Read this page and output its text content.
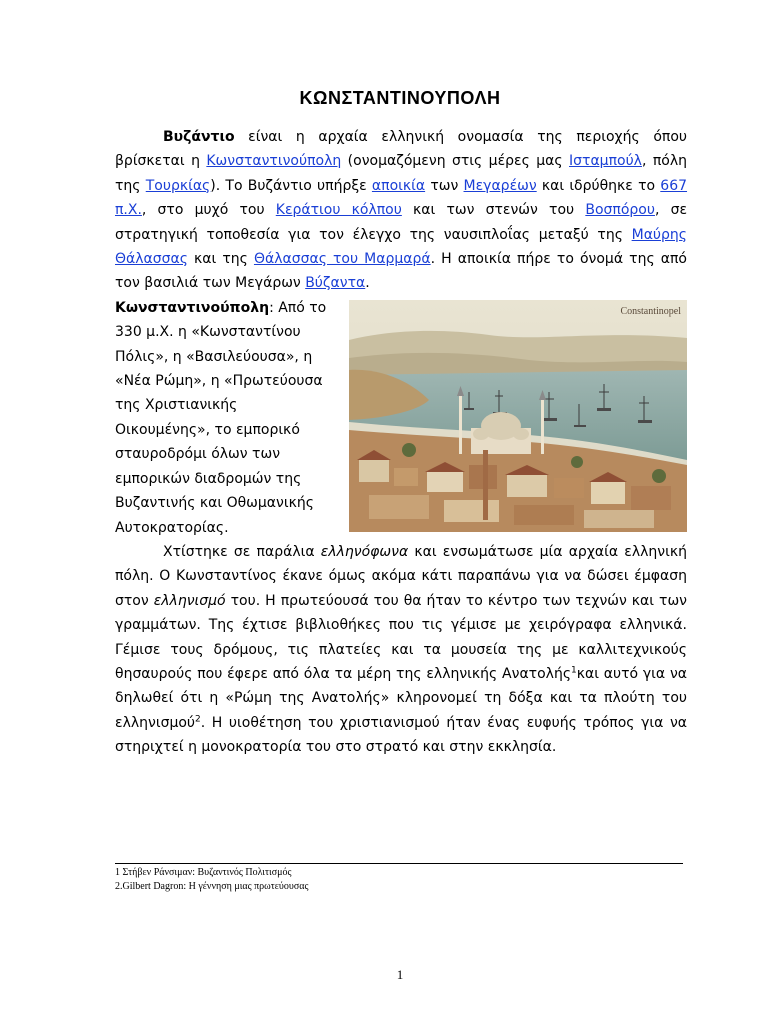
ΚΩΝΣΤΑΝΤΙΝΟΥΠΟΛΗ

Βυζάντιο είναι η αρχαία ελληνική ονομασία της περιοχής όπου βρίσκεται η Κωνσταντινούπολη (ονομαζόμενη στις μέρες μας Ισταμπούλ, πόλη της Τουρκίας). Το Βυζάντιο υπήρξε αποικία των Μεγαρέων και ιδρύθηκε το 667 π.Χ., στο μυχό του Κεράτιου κόλπου και των στενών του Βοσπόρου, σε στρατηγική τοποθεσία για τον έλεγχο της ναυσιπλοΐας μεταξύ της Μαύρης Θάλασσας και της Θάλασσας του Μαρμαρά. Η αποικία πήρε το όνομά της από τον βασιλιά των Μεγάρων Βύζαντα.

Constantinopel

Κωνσταντινούπολη: Από το 330 μ.Χ. η «Κωνσταντίνου Πόλις», η «Βασιλεύουσα», η «Νέα Ρώμη», η «Πρωτεύουσα της Χριστιανικής Οικουμένης», το εμπορικό σταυροδρόμι όλων των εμπορικών διαδρομών της Βυζαντινής και Οθωμανικής Αυτοκρατορίας.

Χτίστηκε σε παράλια ελληνόφωνα και ενσωμάτωσε μία αρχαία ελληνική πόλη. Ο Κωνσταντίνος έκανε όμως ακόμα κάτι παραπάνω για να δώσει έμφαση στον ελληνισμό του. Η πρωτεύουσά του θα ήταν το κέντρο των τεχνών και των γραμμάτων. Της έχτισε βιβλιοθήκες που τις γέμισε με χειρόγραφα ελληνικά. Γέμισε τους δρόμους, τις πλατείες και τα μουσεία της με καλλιτεχνικούς θησαυρούς που έφερε από όλα τα μέρη της ελληνικής Ανατολής$^1$και αυτό για να δηλωθεί ότι η «Ρώμη της Ανατολής» κληρονομεί τη δόξα και τα πλούτη του ελληνισμού$^2$. Η υιοθέτηση του χριστιανισμού ήταν ένας ευφυής τρόπος για να στηριχτεί η μονοκρατορία του στο στρατό και στην εκκλησία.

1 Στήβεν Ράνσιμαν: Βυζαντινός Πολιτισμός
2.Gilbert Dagron: Η γέννηση μιας πρωτεύουσας
1
